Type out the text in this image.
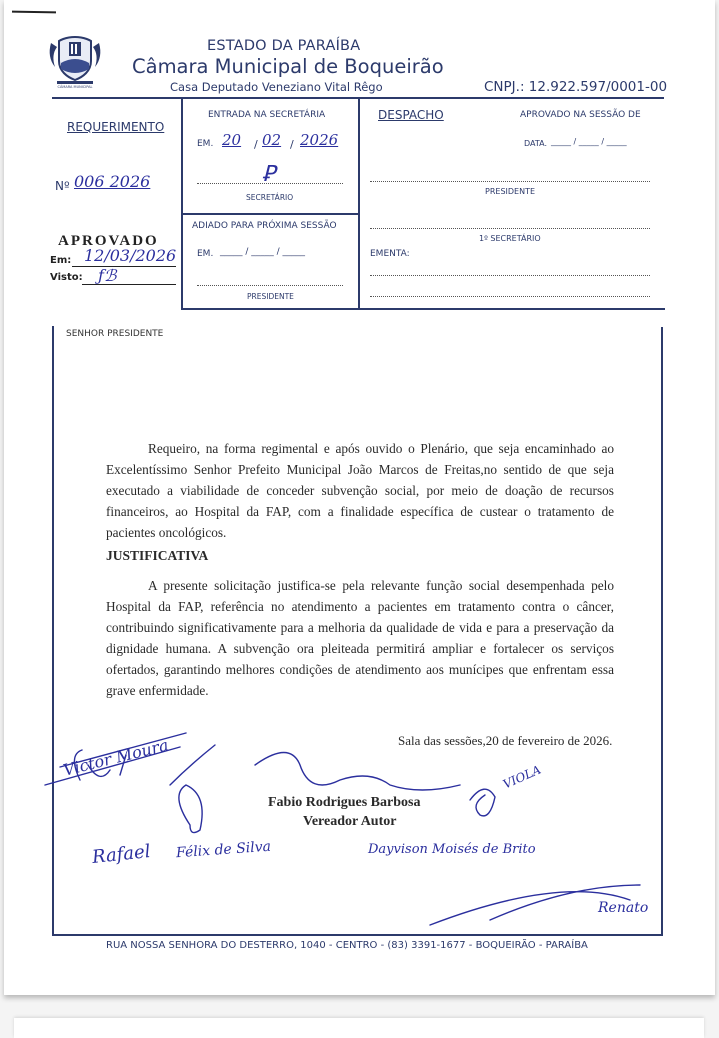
CÂMARA MUNICIPAL
ESTADO DA PARAÍBA
Câmara Municipal de Boqueirão
Casa Deputado Veneziano Vital Rêgo	CNPJ.: 12.922.597/0001-00
REQUERIMENTO
Nº 006 2026
APROVADO
Em: 12/03/2026
Visto: ƒℬ
ENTRADA NA SECRETÁRIA
EM. 20 / 02 / 2026
Ꝑ
SECRETÁRIO
ADIADO PARA PRÓXIMA SESSÃO
EM. _____ / _____ / _____
PRESIDENTE
DESPACHO	APROVADO NA SESSÃO DE
DATA. _____ / _____ / _____
PRESIDENTE
1º SECRETÁRIO
EMENTA:
SENHOR PRESIDENTE
Requeiro, na forma regimental e após ouvido o Plenário, que seja encaminhado ao Excelentíssimo Senhor Prefeito Municipal João Marcos de Freitas,no sentido de que seja executado a viabilidade de conceder subvenção social, por meio de doação de recursos financeiros, ao Hospital da FAP, com a finalidade específica de custear o tratamento de pacientes oncológicos.
JUSTIFICATIVA
A presente solicitação justifica-se pela relevante função social desempenhada pelo Hospital da FAP, referência no atendimento a pacientes em tratamento contra o câncer, contribuindo significativamente para a melhoria da qualidade de vida e para a preservação da dignidade humana. A subvenção ora pleiteada permitirá ampliar e fortalecer os serviços ofertados, garantindo melhores condições de atendimento aos munícipes que enfrentam essa grave enfermidade.
Sala das sessões,20 de fevereiro de 2026.
Fabio Rodrigues Barbosa
Vereador Autor
Victor Moura	VIOLA
Rafael Félix de Silva	Dayvison Moisés de Brito
Renato
RUA NOSSA SENHORA DO DESTERRO, 1040 - CENTRO - (83) 3391-1677 - BOQUEIRÃO - PARAÍBA
